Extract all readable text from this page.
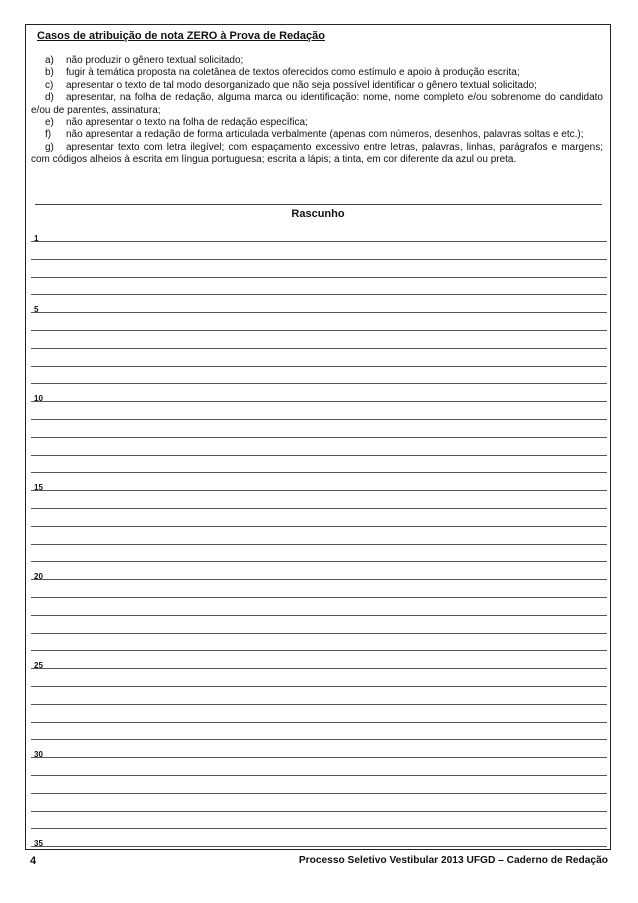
Casos de atribuição de nota ZERO à Prova de Redação
a) não produzir o gênero textual solicitado;
b) fugir à temática proposta na coletânea de textos oferecidos como estímulo e apoio à produção escrita;
c) apresentar o texto de tal modo desorganizado que não seja possível identificar o gênero textual solicitado;
d) apresentar, na folha de redação, alguma marca ou identificação: nome, nome completo e/ou sobrenome do candidato e/ou de parentes, assinatura;
e) não apresentar o texto na folha de redação específica;
f) não apresentar a redação de forma articulada verbalmente (apenas com números, desenhos, palavras soltas e etc.);
g) apresentar texto com letra ilegível; com espaçamento excessivo entre letras, palavras, linhas, parágrafos e margens; com códigos alheios à escrita em língua portuguesa; escrita a lápis; a tinta, em cor diferente da azul ou preta.
Rascunho
1
5
10
15
20
25
30
35

4	Processo Seletivo Vestibular 2013 UFGD – Caderno de Redação
